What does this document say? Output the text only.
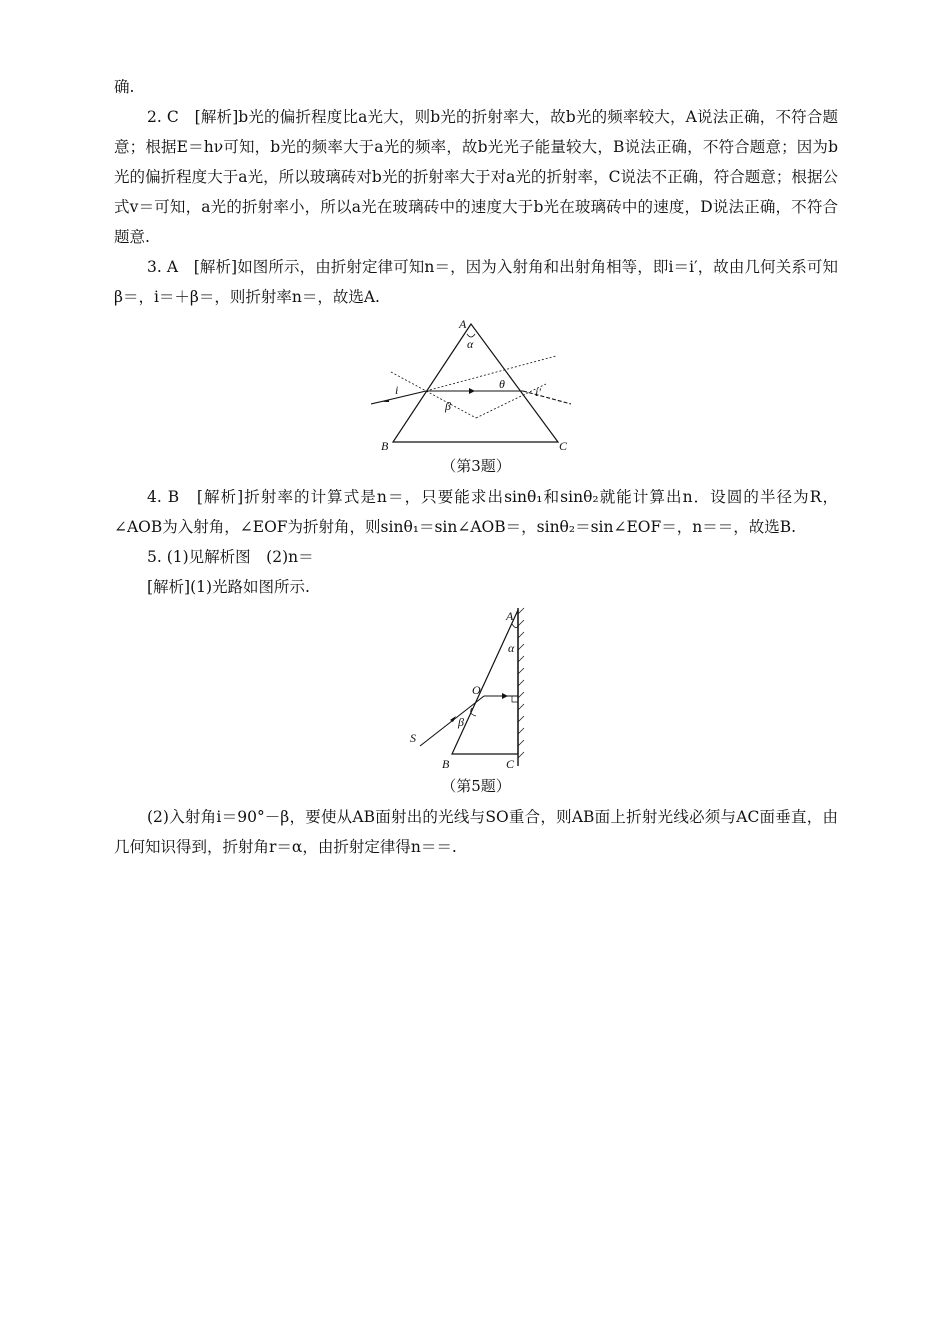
确.

2. C　[解析]b光的偏折程度比a光大，则b光的折射率大，故b光的频率较大，A说法正确，不符合题意；根据E＝hν可知，b光的频率大于a光的频率，故b光光子能量较大，B说法正确，不符合题意；因为b光的偏折程度大于a光，所以玻璃砖对b光的折射率大于对a光的折射率，C说法不正确，符合题意；根据公式v＝可知，a光的折射率小，所以a光在玻璃砖中的速度大于b光在玻璃砖中的速度，D说法正确，不符合题意.

3. A　[解析]如图所示，由折射定律可知n＝，因为入射角和出射角相等，即i＝i′，故由几何关系可知β＝，i＝＋β＝，则折射率n＝，故选A.

α
A
B	C
i	i′
θ
β
（第3题）

4. B　[解析]折射率的计算式是n＝，只要能求出sinθ₁和sinθ₂就能计算出n．设圆的半径为R，∠AOB为入射角，∠EOF为折射角，则sinθ₁＝sin∠AOB＝，sinθ₂＝sin∠EOF＝，n＝＝，故选B.

5. (1)见解析图　(2)n＝

[解析](1)光路如图所示.

A
α
O
β
S
B	C
（第5题）

(2)入射角i＝90°－β，要使从AB面射出的光线与SO重合，则AB面上折射光线必须与AC面垂直，由几何知识得到，折射角r＝α，由折射定律得n＝＝.
